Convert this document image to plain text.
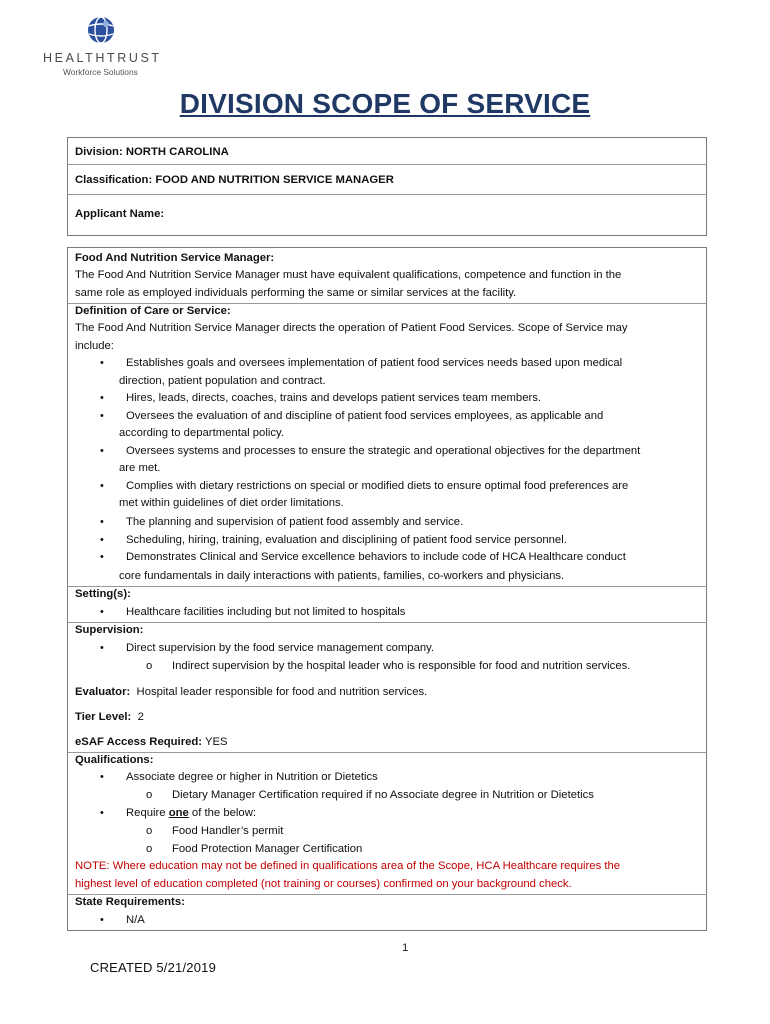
HEALTHTRUST
Workforce Solutions
DIVISION SCOPE OF SERVICE
Division: NORTH CAROLINA
Classification: FOOD AND NUTRITION SERVICE MANAGER
Applicant Name:
Food And Nutrition Service Manager:
The Food And Nutrition Service Manager must have equivalent qualifications, competence and function in the
same role as employed individuals performing the same or similar services at the facility.
Definition of Care or Service:
The Food And Nutrition Service Manager directs the operation of Patient Food Services. Scope of Service may
include:
•	Establishes goals and oversees implementation of patient food services needs based upon medical
direction, patient population and contract.
•	Hires, leads, directs, coaches, trains and develops patient services team members.
•	Oversees the evaluation of and discipline of patient food services employees, as applicable and
according to departmental policy.
•	Oversees systems and processes to ensure the strategic and operational objectives for the department
are met.
•	Complies with dietary restrictions on special or modified diets to ensure optimal food preferences are
met within guidelines of diet order limitations.
•	The planning and supervision of patient food assembly and service.
•	Scheduling, hiring, training, evaluation and disciplining of patient food service personnel.
•	Demonstrates Clinical and Service excellence behaviors to include code of HCA Healthcare conduct
core fundamentals in daily interactions with patients, families, co-workers and physicians.
Setting(s):
•	Healthcare facilities including but not limited to hospitals
Supervision:
•	Direct supervision by the food service management company.
o	Indirect supervision by the hospital leader who is responsible for food and nutrition services.
Evaluator: Hospital leader responsible for food and nutrition services.
Tier Level: 2
eSAF Access Required: YES
Qualifications:
•	Associate degree or higher in Nutrition or Dietetics
o	Dietary Manager Certification required if no Associate degree in Nutrition or Dietetics
•	Require one of the below:
o	Food Handler’s permit
o	Food Protection Manager Certification
NOTE: Where education may not be defined in qualifications area of the Scope, HCA Healthcare requires the
highest level of education completed (not training or courses) confirmed on your background check.
State Requirements:
•	N/A
1
CREATED 5/21/2019
